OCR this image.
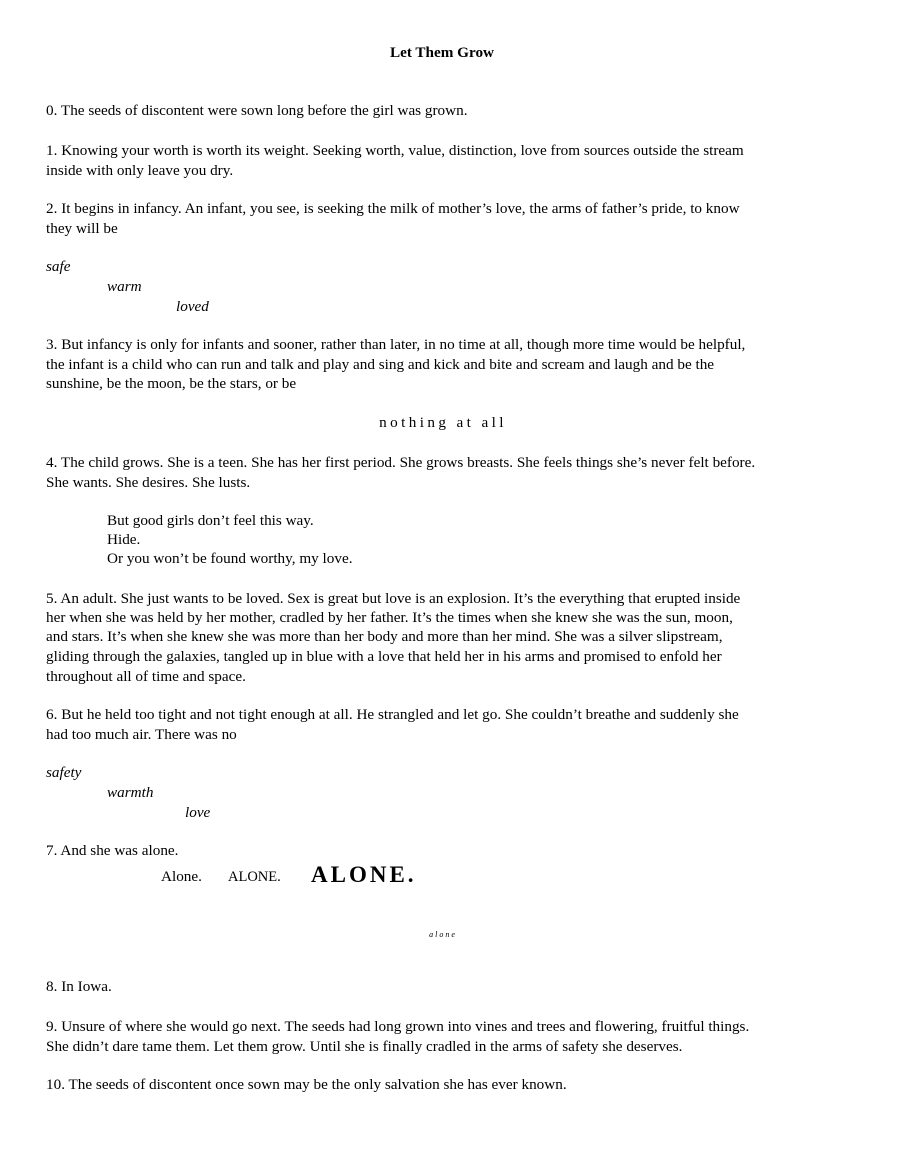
Let Them Grow
0. The seeds of discontent were sown long before the girl was grown.
1. Knowing your worth is worth its weight. Seeking worth, value, distinction, love from sources outside the stream
inside with only leave you dry.
2. It begins in infancy. An infant, you see, is seeking the milk of mother’s love, the arms of father’s pride, to know
they will be
safe
warm
loved
3. But infancy is only for infants and sooner, rather than later, in no time at all, though more time would be helpful,
the infant is a child who can run and talk and play and sing and kick and bite and scream and laugh and be the
sunshine, be the moon, be the stars, or be
nothing at all
4. The child grows. She is a teen. She has her first period. She grows breasts. She feels things she’s never felt before.
She wants. She desires. She lusts.
But good girls don’t feel this way.
Hide.
Or you won’t be found worthy, my love.
5. An adult. She just wants to be loved. Sex is great but love is an explosion. It’s the everything that erupted inside
her when she was held by her mother, cradled by her father. It’s the times when she knew she was the sun, moon,
and stars. It’s when she knew she was more than her body and more than her mind. She was a silver slipstream,
gliding through the galaxies, tangled up in blue with a love that held her in his arms and promised to enfold her
throughout all of time and space.
6. But he held too tight and not tight enough at all. He strangled and let go. She couldn’t breathe and suddenly she
had too much air. There was no
safety
warmth
love
7. And she was alone.
Alone. ALONE. ALONE.
alone
8. In Iowa.
9. Unsure of where she would go next. The seeds had long grown into vines and trees and flowering, fruitful things.
She didn’t dare tame them. Let them grow. Until she is finally cradled in the arms of safety she deserves.
10. The seeds of discontent once sown may be the only salvation she has ever known.
